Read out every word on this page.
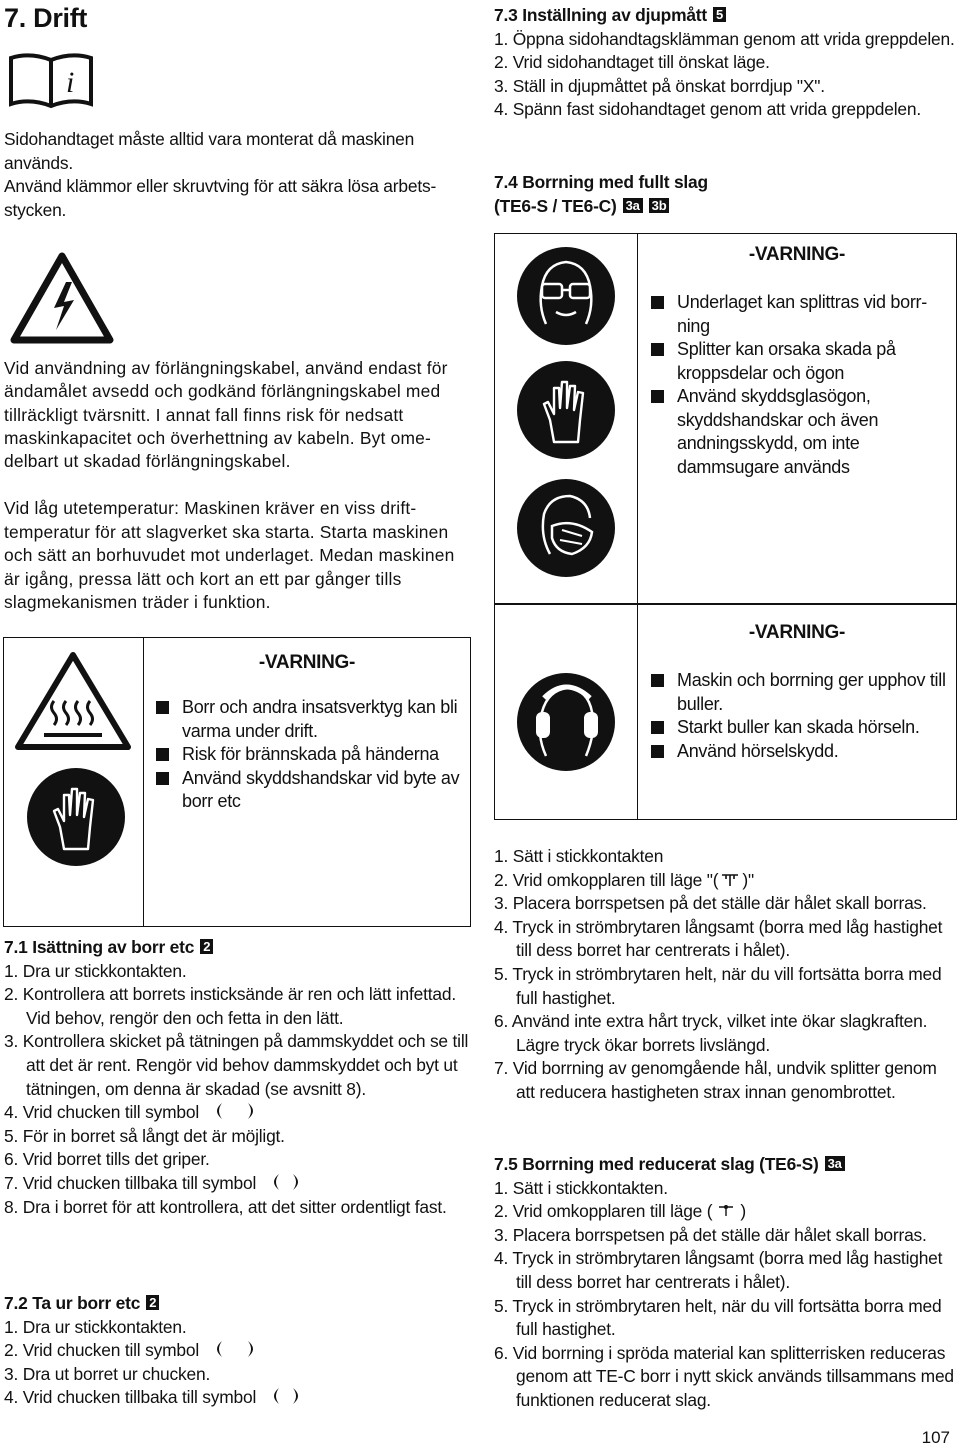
7. Drift
i

Sidohandtaget måste alltid vara monterat då maskinen används.

Använd klämmor eller skruvtving för att säkra lösa arbetsstycken.

Vid användning av förlängningskabel, använd endast för ändamålet avsedd och godkänd förlängningskabel med tillräckligt tvärsnitt. I annat fall finns risk för nedsatt maskinkapacitet och överhettning av kabeln. Byt omedelbart ut skadad förlängningskabel.
Vid låg utetemperatur: Maskinen kräver en viss drifttemperatur för att slagverket ska starta. Starta maskinen och sätt an borhuvudet mot underlaget. Medan maskinen är igång, pressa lätt och kort an ett par gånger tills slagmekanismen träder i funktion.
-VARNING-
Borr och andra insatsverktyg kan bli varma under drift.
Risk för brännskada på händerna
Använd skyddshandskar vid byte av borr etc
7.1 Isättning av borr etc 2
1. Dra ur stickkontakten.
2. Kontrollera att borrets insticksände är ren och lätt infettad. Vid behov, rengör den och fetta in den lätt.
3. Kontrollera skicket på tätningen på dammskyddet och se till att det är rent. Rengör vid behov dammskyddet och byt ut tätningen, om denna är skadad (se avsnitt 8).
4. Vrid chucken till symbol
5. För in borret så långt det är möjligt.
6. Vrid borret tills det griper.
7. Vrid chucken tillbaka till symbol
8. Dra i borret för att kontrollera, att det sitter ordentligt fast.
7.2 Ta ur borr etc 2
1. Dra ur stickkontakten.
2. Vrid chucken till symbol
3. Dra ut borret ur chucken.
4. Vrid chucken tillbaka till symbol
7.3 Inställning av djupmått 5
1. Öppna sidohandtagsklämman genom att vrida greppdelen.
2. Vrid sidohandtaget till önskat läge.
3. Ställ in djupmåttet på önskat borrdjup "X".
4. Spänn fast sidohandtaget genom att vrida greppdelen.
7.4 Borrning med fullt slag
(TE6-S / TE6-C) 3a 3b
-VARNING-
Underlaget kan splittras vid borrning
Splitter kan orsaka skada på kroppsdelar och ögon
Använd skyddsglasögon, skyddshandskar och även andningsskydd, om inte dammsugare används
-VARNING-
Maskin och borrning ger upphov till buller.
Starkt buller kan skada hörseln.
Använd hörselskydd.
1. Sätt i stickkontakten
2. Vrid omkopplaren till läge "( )"
3. Placera borrspetsen på det ställe där hålet skall borras.
4. Tryck in strömbrytaren långsamt (borra med låg hastighet till dess borret har centrerats i hålet).
5. Tryck in strömbrytaren helt, när du vill fortsätta borra med full hastighet.
6. Använd inte extra hårt tryck, vilket inte ökar slagkraften. Lägre tryck ökar borrets livslängd.
7. Vid borrning av genomgående hål, undvik splitter genom att reducera hastigheten strax innan genombrottet.
7.5 Borrning med reducerat slag (TE6-S) 3a
1. Sätt i stickkontakten.
2. Vrid omkopplaren till läge ( )
3. Placera borrspetsen på det ställe där hålet skall borras.
4. Tryck in strömbrytaren långsamt (borra med låg hastighet till dess borret har centrerats i hålet).
5. Tryck in strömbrytaren helt, när du vill fortsätta borra med full hastighet.
6. Vid borrning i spröda material kan splitterrisken reduceras genom att TE-C borr i nytt skick används tillsammans med funktionen reducerat slag.
107
